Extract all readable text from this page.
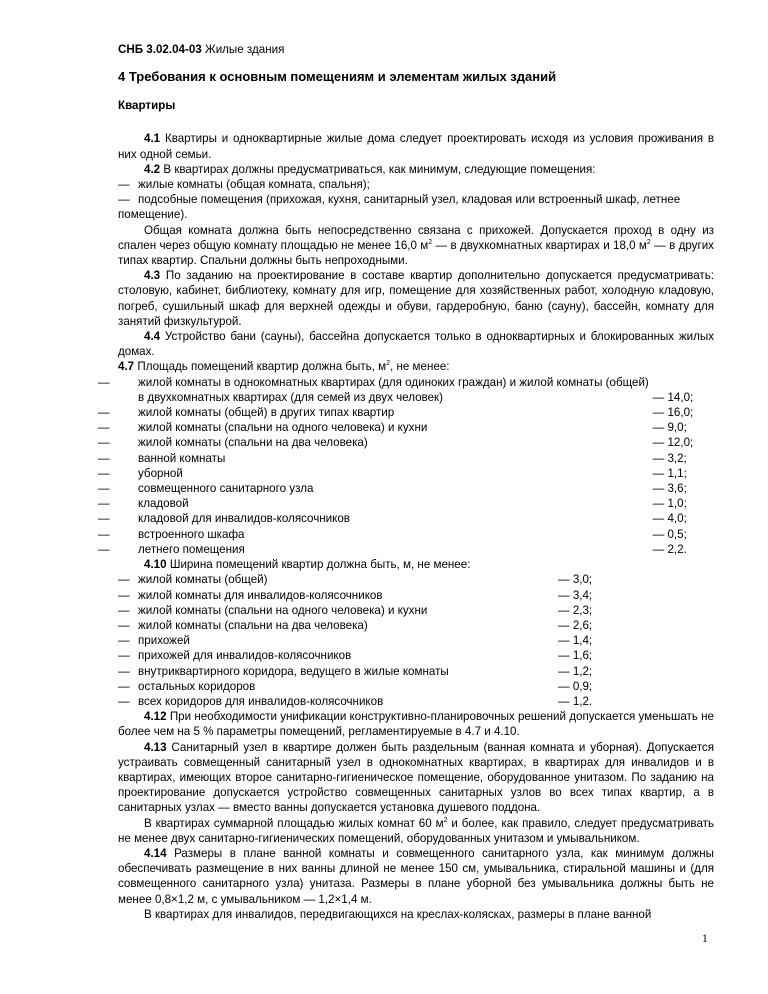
СНБ 3.02.04-03 Жилые здания
4 Требования к основным помещениям и элементам жилых зданий
Квартиры

4.1 Квартиры и одноквартирные жилые дома следует проектировать исходя из условия проживания в них одной семьи.

4.2 В квартирах должны предусматриваться, как минимум, следующие помещения:

— жилые комнаты (общая комната, спальня);

— подсобные помещения (прихожая, кухня, санитарный узел, кладовая или встроенный шкаф, летнее помещение).

Общая комната должна быть непосредственно связана с прихожей. Допускается проход в одну из спален через общую комнату площадью не менее 16,0 $м^2$ — в двухкомнатных квартирах и 18,0 $м^2$ — в других типах квартир. Спальни должны быть непроходными.

4.3 По заданию на проектирование в составе квартир дополнительно допускается предусматривать: столовую, кабинет, библиотеку, комнату для игр, помещение для хозяйственных работ, холодную кладовую, погреб, сушильный шкаф для верхней одежды и обуви, гардеробную, баню (сауну), бассейн, комнату для занятий физкультурой.

4.4 Устройство бани (сауны), бассейна допускается только в одноквартирных и блокированных жилых домах.

4.7 Площадь помещений квартир должна быть, $м^2$, не менее:

— жилой комнаты в однокомнатных квартирах (для одиноких граждан) и жилой комнаты (общей) в двухкомнатных квартирах (для семей из двух человек)	— 14,0;
— жилой комнаты (общей) в других типах квартир	— 16,0;
— жилой комнаты (спальни на одного человека) и кухни	— 9,0;
— жилой комнаты (спальни на два человека)	— 12,0;
— ванной комнаты	— 3,2;
— уборной	— 1,1;
— совмещенного санитарного узла	— 3,6;
— кладовой	— 1,0;
— кладовой для инвалидов-колясочников	— 4,0;
— встроенного шкафа	— 0,5;
— летнего помещения	— 2,2.

4.10 Ширина помещений квартир должна быть, м, не менее:

— жилой комнаты (общей)	— 3,0;
— жилой комнаты для инвалидов-колясочников	— 3,4;
— жилой комнаты (спальни на одного человека) и кухни	— 2,3;
— жилой комнаты (спальни на два человека)	— 2,6;
— прихожей	— 1,4;
— прихожей для инвалидов-колясочников	— 1,6;
— внутриквартирного коридора, ведущего в жилые комнаты	— 1,2;
— остальных коридоров	— 0,9;
— всех коридоров для инвалидов-колясочников	— 1,2.

4.12 При необходимости унификации конструктивно-планировочных решений допускается уменьшать не более чем на 5 % параметры помещений, регламентируемые в 4.7 и 4.10.

4.13 Санитарный узел в квартире должен быть раздельным (ванная комната и уборная). Допускается устраивать совмещенный санитарный узел в однокомнатных квартирах, в квартирах для инвалидов и в квартирах, имеющих второе санитарно-гигиеническое помещение, оборудованное унитазом. По заданию на проектирование допускается устройство совмещенных санитарных узлов во всех типах квартир, а в санитарных узлах — вместо ванны допускается установка душевого поддона.

В квартирах суммарной площадью жилых комнат 60 $м^2$ и более, как правило, следует предусматривать не менее двух санитарно-гигиенических помещений, оборудованных унитазом и умывальником.

4.14 Размеры в плане ванной комнаты и совмещенного санитарного узла, как минимум должны обеспечивать размещение в них ванны длиной не менее 150 см, умывальника, стиральной машины и (для совмещенного санитарного узла) унитаза. Размеры в плане уборной без умывальника должны быть не менее 0,8×1,2 м, с умывальником — 1,2×1,4 м.

В квартирах для инвалидов, передвигающихся на креслах-колясках, размеры в плане ванной

1
